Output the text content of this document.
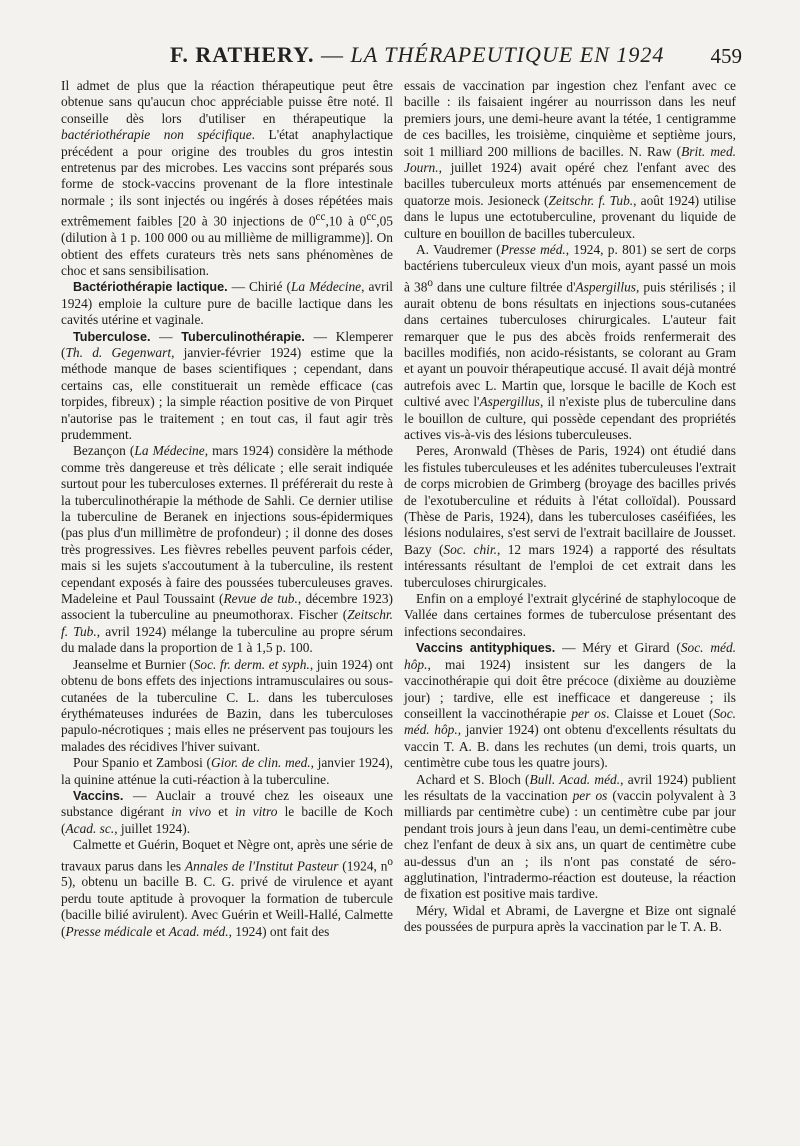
F. RATHERY. — LA THÉRAPEUTIQUE EN 1924 459

Il admet de plus que la réaction thérapeutique peut être obtenue sans qu'aucun choc appréciable puisse être noté. Il conseille dès lors d'utiliser en thérapeutique la bactériothérapie non spécifique. L'état anaphylactique précédent a pour origine des troubles du gros intestin entretenus par des microbes. Les vaccins sont préparés sous forme de stock-vaccins provenant de la flore intestinale normale ; ils sont injectés ou ingérés à doses répétées mais extrêmement faibles [20 à 30 injections de $0^{cc},10$ à $0^{cc},05$ (dilution à 1 p. 100 000 ou au millième de milligramme)]. On obtient des effets curateurs très nets sans phénomènes de choc et sans sensibilisation.

Bactériothérapie lactique. — Chirié (La Médecine, avril 1924) emploie la culture pure de bacille lactique dans les cavités utérine et vaginale.

Tuberculose. — Tuberculinothérapie. — Klemperer (Th. d. Gegenwart, janvier-février 1924) estime que la méthode manque de bases scientifiques ; cependant, dans certains cas, elle constituerait un remède efficace (cas torpides, fibreux) ; la simple réaction positive de von Pirquet n'autorise pas le traitement ; en tout cas, il faut agir très prudemment.

Bezançon (La Médecine, mars 1924) considère la méthode comme très dangereuse et très délicate ; elle serait indiquée surtout pour les tuberculoses externes. Il préférerait du reste à la tuberculinothérapie la méthode de Sahli. Ce dernier utilise la tuberculine de Beranek en injections sous-épidermiques (pas plus d'un millimètre de profondeur) ; il donne des doses très progressives. Les fièvres rebelles peuvent parfois céder, mais si les sujets s'accoutument à la tuberculine, ils restent cependant exposés à faire des poussées tuberculeuses graves. Madeleine et Paul Toussaint (Revue de tub., décembre 1923) associent la tuberculine au pneumothorax. Fischer (Zeitschr. f. Tub., avril 1924) mélange la tuberculine au propre sérum du malade dans la proportion de 1 à 1,5 p. 100.

Jeanselme et Burnier (Soc. fr. derm. et syph., juin 1924) ont obtenu de bons effets des injections intramusculaires ou sous-cutanées de la tuberculine C. L. dans les tuberculoses érythémateuses indurées de Bazin, dans les tuberculoses papulo-nécrotiques ; mais elles ne préservent pas toujours les malades des récidives l'hiver suivant.

Pour Spanio et Zambosi (Gior. de clin. med., janvier 1924), la quinine atténue la cuti-réaction à la tuberculine.

Vaccins. — Auclair a trouvé chez les oiseaux une substance digérant in vivo et in vitro le bacille de Koch (Acad. sc., juillet 1924).

Calmette et Guérin, Boquet et Nègre ont, après une série de travaux parus dans les Annales de l'Institut Pasteur (1924, $n^o$ 5), obtenu un bacille B. C. G. privé de virulence et ayant perdu toute aptitude à provoquer la formation de tubercule (bacille bilié avirulent). Avec Guérin et Weill-Hallé, Calmette (Presse médicale et Acad. méd., 1924) ont fait des

essais de vaccination par ingestion chez l'enfant avec ce bacille : ils faisaient ingérer au nourrisson dans les neuf premiers jours, une demi-heure avant la tétée, 1 centigramme de ces bacilles, les troisième, cinquième et septième jours, soit 1 milliard 200 millions de bacilles. N. Raw (Brit. med. Journ., juillet 1924) avait opéré chez l'enfant avec des bacilles tuberculeux morts atténués par ensemencement de quatorze mois. Jesioneck (Zeitschr. f. Tub., août 1924) utilise dans le lupus une ectotuberculine, provenant du liquide de culture en bouillon de bacilles tuberculeux.

A. Vaudremer (Presse méd., 1924, p. 801) se sert de corps bactériens tuberculeux vieux d'un mois, ayant passé un mois à 38$^o$ dans une culture filtrée d'Aspergillus, puis stérilisés ; il aurait obtenu de bons résultats en injections sous-cutanées dans certaines tuberculoses chirurgicales. L'auteur fait remarquer que le pus des abcès froids renfermerait des bacilles modifiés, non acido-résistants, se colorant au Gram et ayant un pouvoir thérapeutique accusé. Il avait déjà montré autrefois avec L. Martin que, lorsque le bacille de Koch est cultivé avec l'Aspergillus, il n'existe plus de tuberculine dans le bouillon de culture, qui possède cependant des propriétés actives vis-à-vis des lésions tuberculeuses.

Peres, Aronwald (Thèses de Paris, 1924) ont étudié dans les fistules tuberculeuses et les adénites tuberculeuses l'extrait de corps microbien de Grimberg (broyage des bacilles privés de l'exotuberculine et réduits à l'état colloïdal). Poussard (Thèse de Paris, 1924), dans les tuberculoses caséifiées, les lésions nodulaires, s'est servi de l'extrait bacillaire de Jousset. Bazy (Soc. chir., 12 mars 1924) a rapporté des résultats intéressants résultant de l'emploi de cet extrait dans les tuberculoses chirurgicales.

Enfin on a employé l'extrait glycériné de staphylocoque de Vallée dans certaines formes de tuberculose présentant des infections secondaires.

Vaccins antityphiques. — Méry et Girard (Soc. méd. hôp., mai 1924) insistent sur les dangers de la vaccinothérapie qui doit être précoce (dixième au douzième jour) ; tardive, elle est inefficace et dangereuse ; ils conseillent la vaccinothérapie per os. Claisse et Louet (Soc. méd. hôp., janvier 1924) ont obtenu d'excellents résultats du vaccin T. A. B. dans les rechutes (un demi, trois quarts, un centimètre cube tous les quatre jours).

Achard et S. Bloch (Bull. Acad. méd., avril 1924) publient les résultats de la vaccination per os (vaccin polyvalent à 3 milliards par centimètre cube) : un centimètre cube par jour pendant trois jours à jeun dans l'eau, un demi-centimètre cube chez l'enfant de deux à six ans, un quart de centimètre cube au-dessus d'un an ; ils n'ont pas constaté de séro-agglutination, l'intradermo-réaction est douteuse, la réaction de fixation est positive mais tardive.

Méry, Widal et Abrami, de Lavergne et Bize ont signalé des poussées de purpura après la vaccination par le T. A. B.
